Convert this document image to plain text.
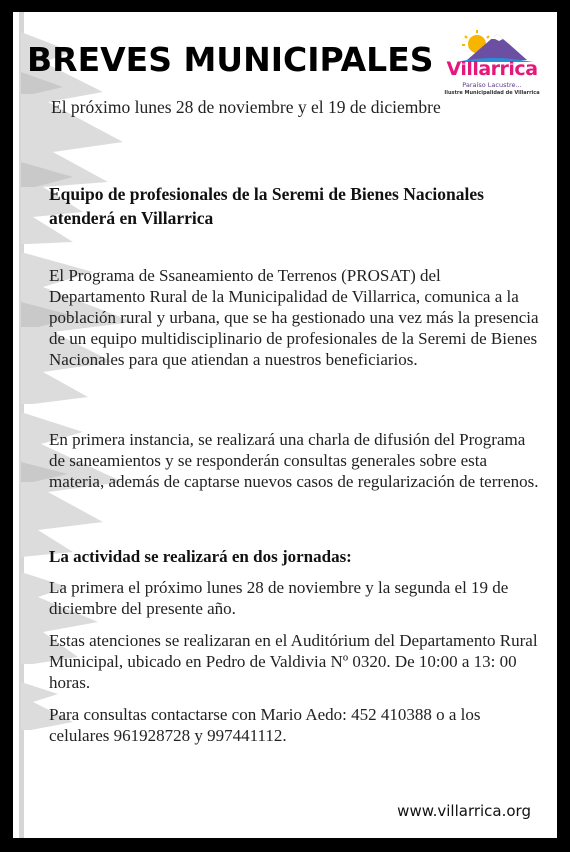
BREVES MUNICIPALES Villarrica
Paraíso Lacustre...
Ilustre Municipalidad de Villarrica

El próximo lunes 28 de noviembre y el 19 de diciembre

Equipo de profesionales de la Seremi de Bienes Nacionales atenderá en Villarrica

El Programa de Ssaneamiento de Terrenos (PROSAT) del Departamento Rural de la Municipalidad de Villarrica, comunica a la población rural y urbana, que se ha gestionado una vez más la presencia de un equipo multidisciplinario de profesionales de la Seremi de Bienes Nacionales para que atiendan a nuestros beneficiarios.

En primera instancia, se realizará una charla de difusión del Programa de saneamientos y se responderán consultas generales sobre esta materia, además de captarse nuevos casos de regularización de terrenos.

La actividad se realizará en dos jornadas:

La primera el próximo lunes 28 de noviembre y la segunda el 19 de diciembre del presente año.

Estas atenciones se realizaran en el Auditórium del Departamento Rural Municipal, ubicado en Pedro de Valdivia Nº 0320. De 10:00 a 13: 00 horas.

Para consultas contactarse con Mario Aedo: 452 410388 o a los celulares 961928728 y 997441112.

www.villarrica.org
